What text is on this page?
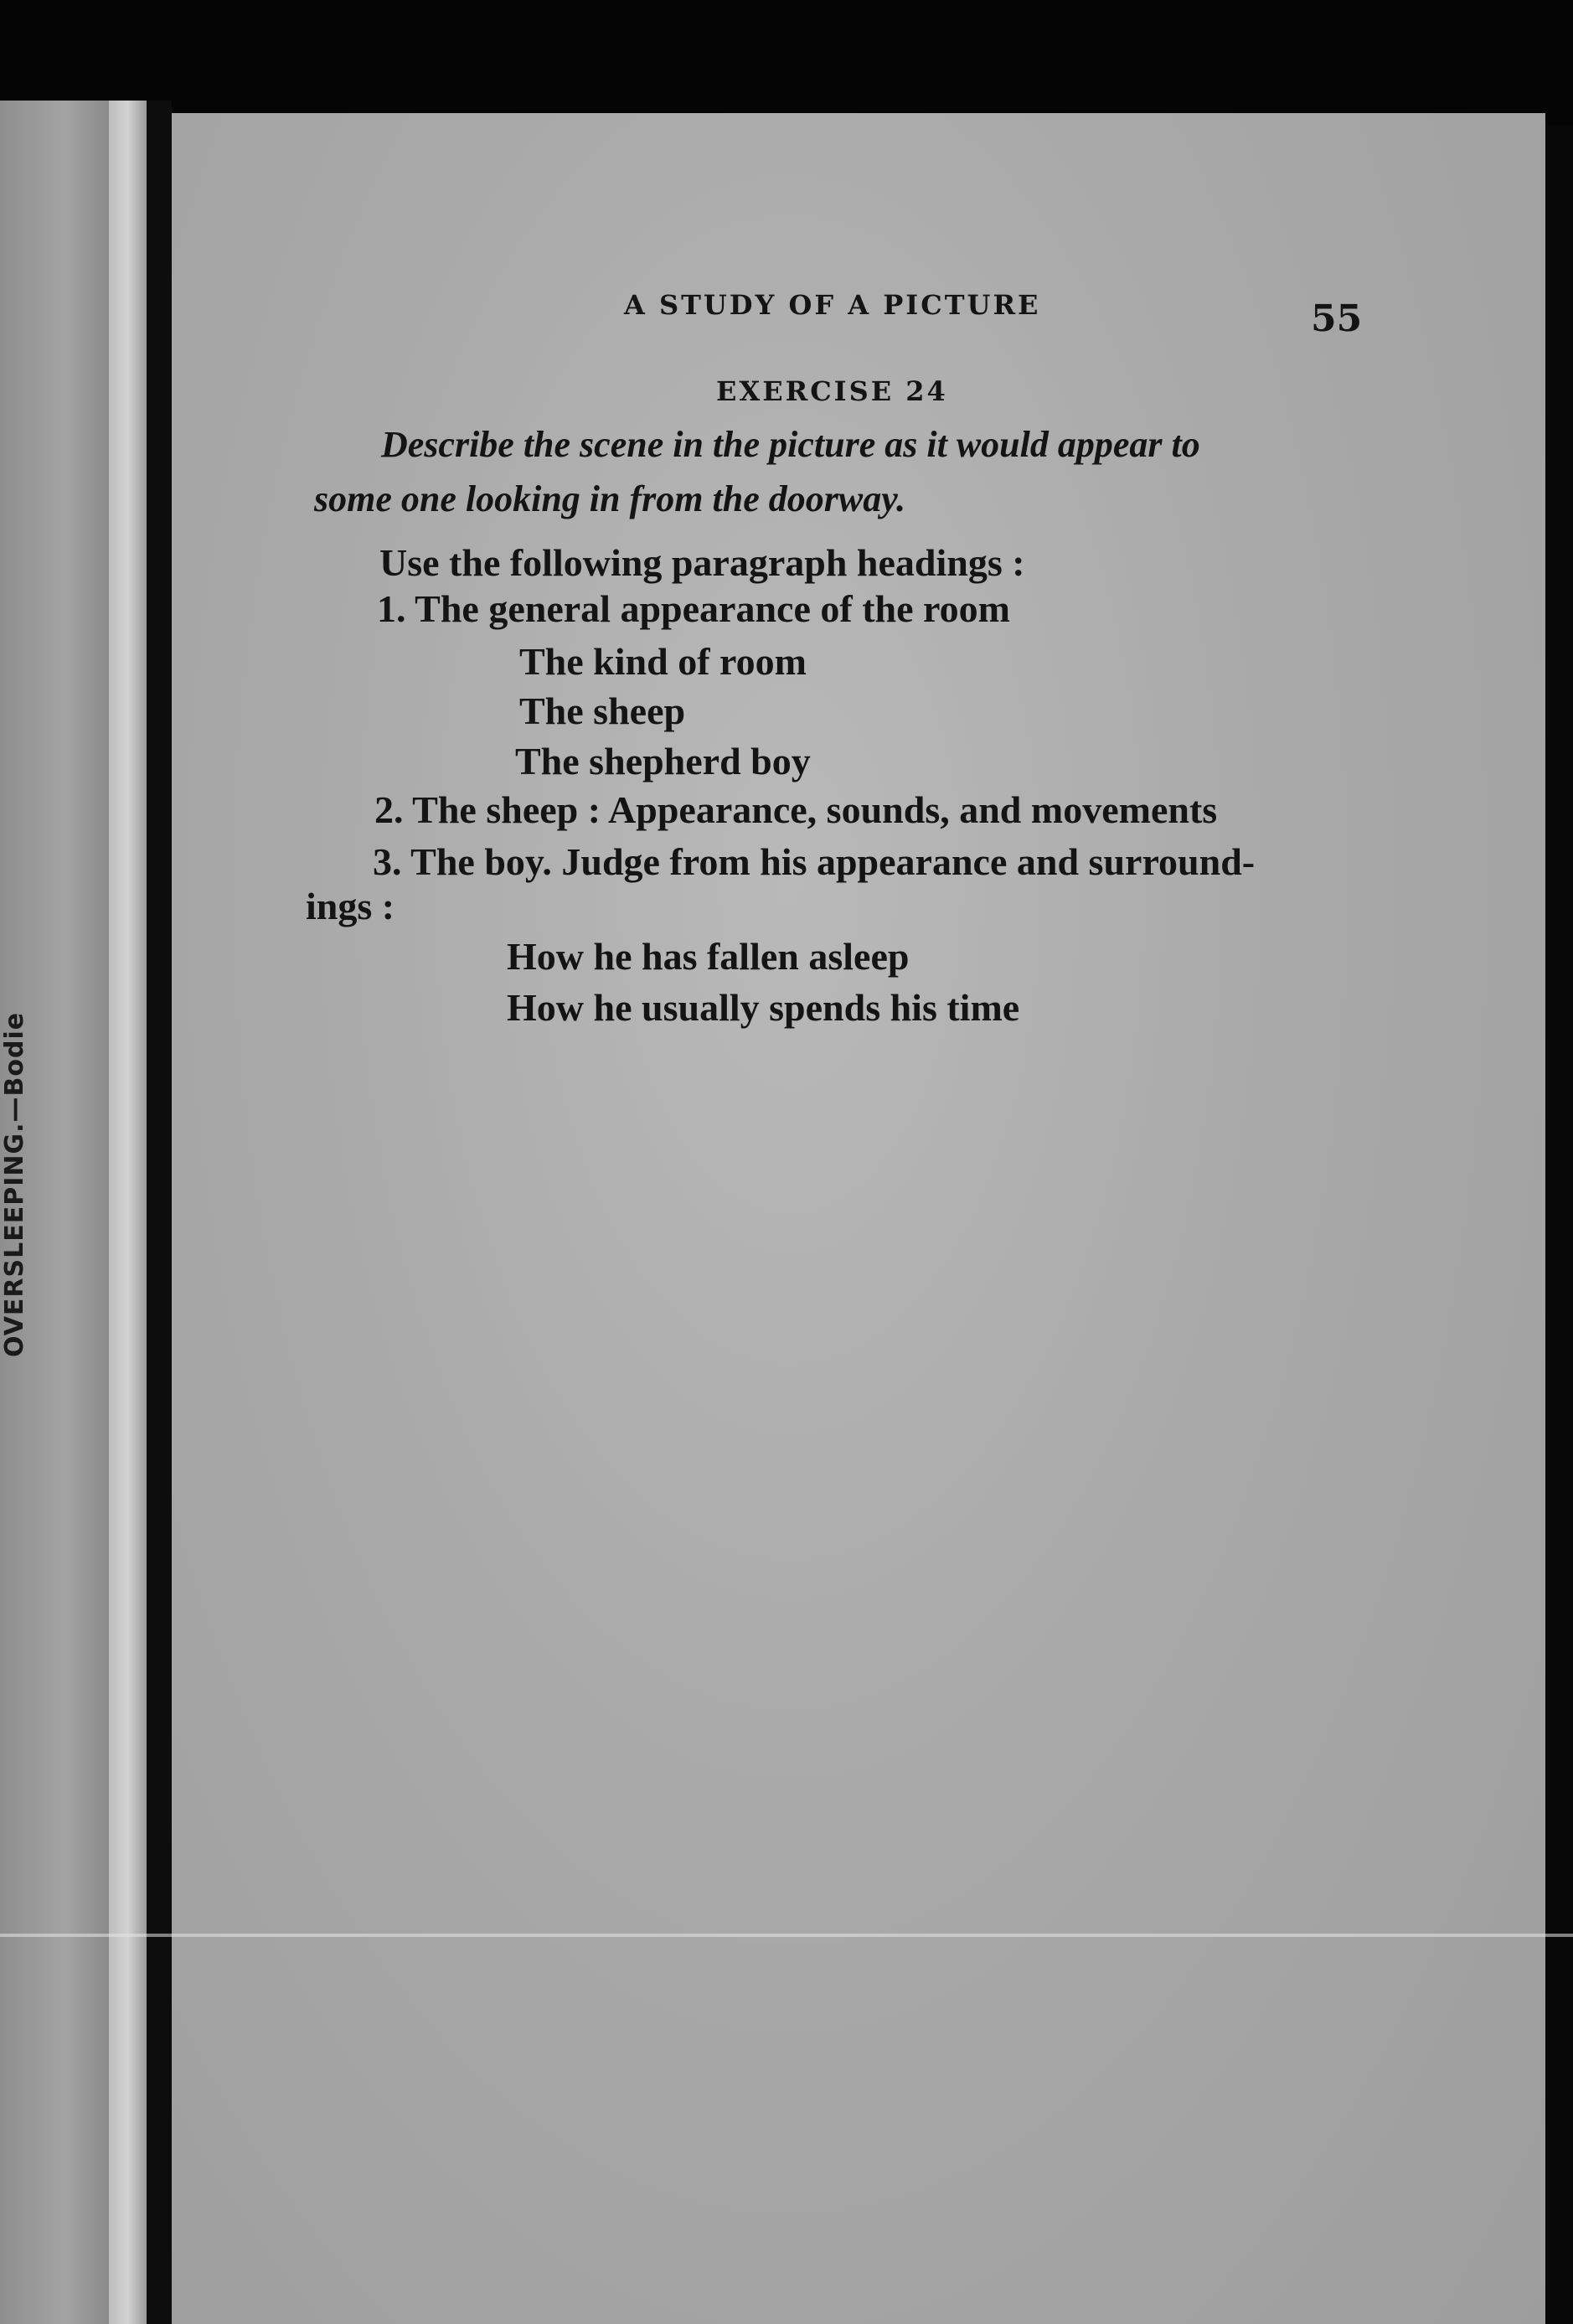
OVERSLEEPING.—Bodie
A STUDY OF A PICTURE	55
EXERCISE 24
Describe the scene in the picture as it would appear to
some one looking in from the doorway.
Use the following paragraph headings :
1. The general appearance of the room
The kind of room
The sheep
The shepherd boy
2. The sheep : Appearance, sounds, and movements
3. The boy. Judge from his appearance and surround-
ings :
How he has fallen asleep
How he usually spends his time
